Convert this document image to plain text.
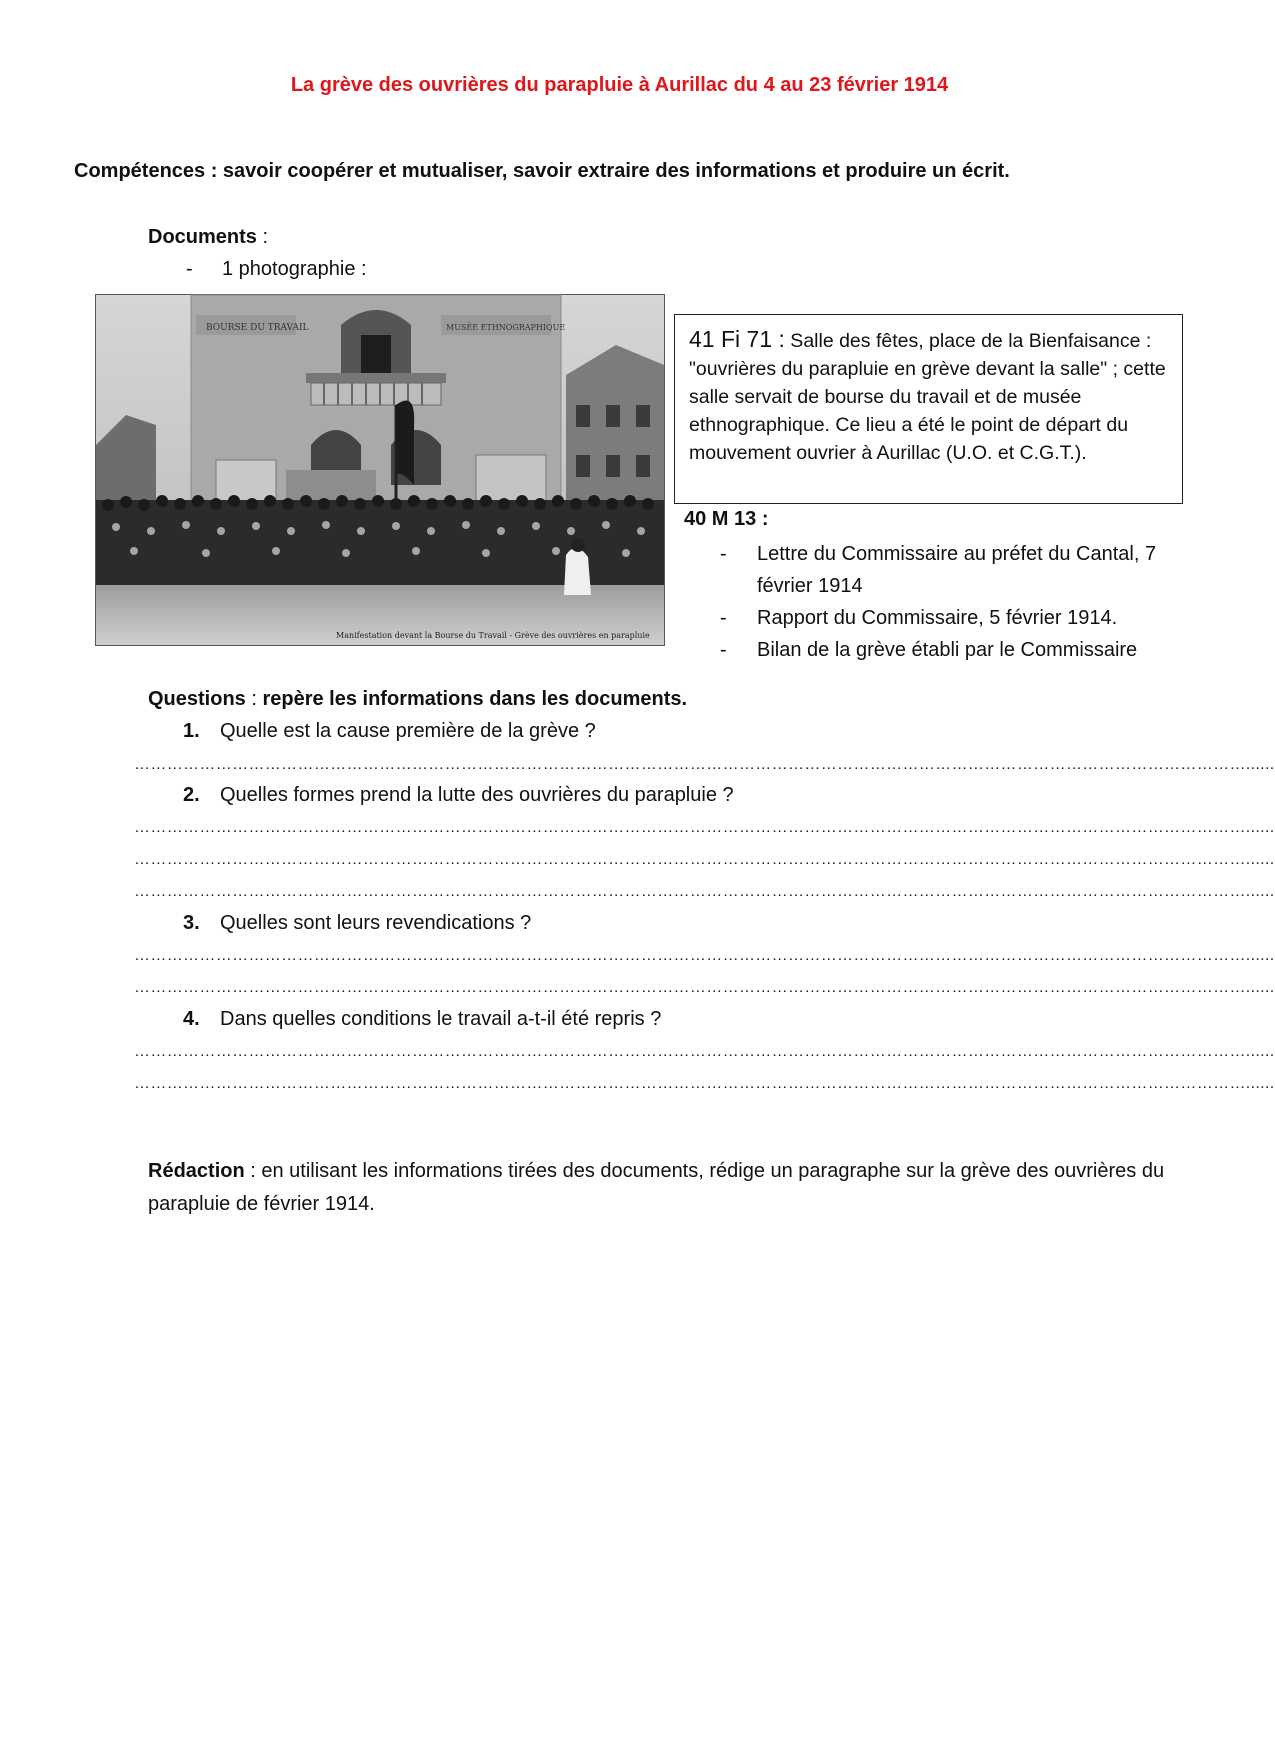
La grève des ouvrières du parapluie à Aurillac du 4 au 23 février 1914
Compétences : savoir coopérer et mutualiser, savoir extraire des informations et produire un écrit.
Documents :
- 1 photographie :
BOURSE DU TRAVAIL	MUSÉE ETHNOGRAPHIQUE
Manifestation devant la Bourse du Travail - Grève des ouvrières en parapluie
41 Fi 71 : Salle des fêtes, place de la Bienfaisance : "ouvrières du parapluie en grève devant la salle" ; cette salle servait de bourse du travail et de musée ethnographique. Ce lieu a été le point de départ du mouvement ouvrier à Aurillac (U.O. et C.G.T.).
40 M 13 :
- Lettre du Commissaire au préfet du Cantal, 7 février 1914
- Rapport du Commissaire, 5 février 1914.
- Bilan de la grève établi par le Commissaire
Questions : repère les informations dans les documents.
1. Quelle est la cause première de la grève ?
……………………………………………………………………………………………………………………………………………………………………………………......
2. Quelles formes prend la lutte des ouvrières du parapluie ?
……………………………………………………………………………………………………………………………………………………………………………………......
……………………………………………………………………………………………………………………………………………………………………………………......
……………………………………………………………………………………………………………………………………………………………………………………......
3. Quelles sont leurs revendications ?
……………………………………………………………………………………………………………………………………………………………………………………......
……………………………………………………………………………………………………………………………………………………………………………………......
4. Dans quelles conditions le travail a-t-il été repris ?
……………………………………………………………………………………………………………………………………………………………………………………......
……………………………………………………………………………………………………………………………………………………………………………………......
Rédaction : en utilisant les informations tirées des documents, rédige un paragraphe sur la grève des ouvrières du parapluie de février 1914.
